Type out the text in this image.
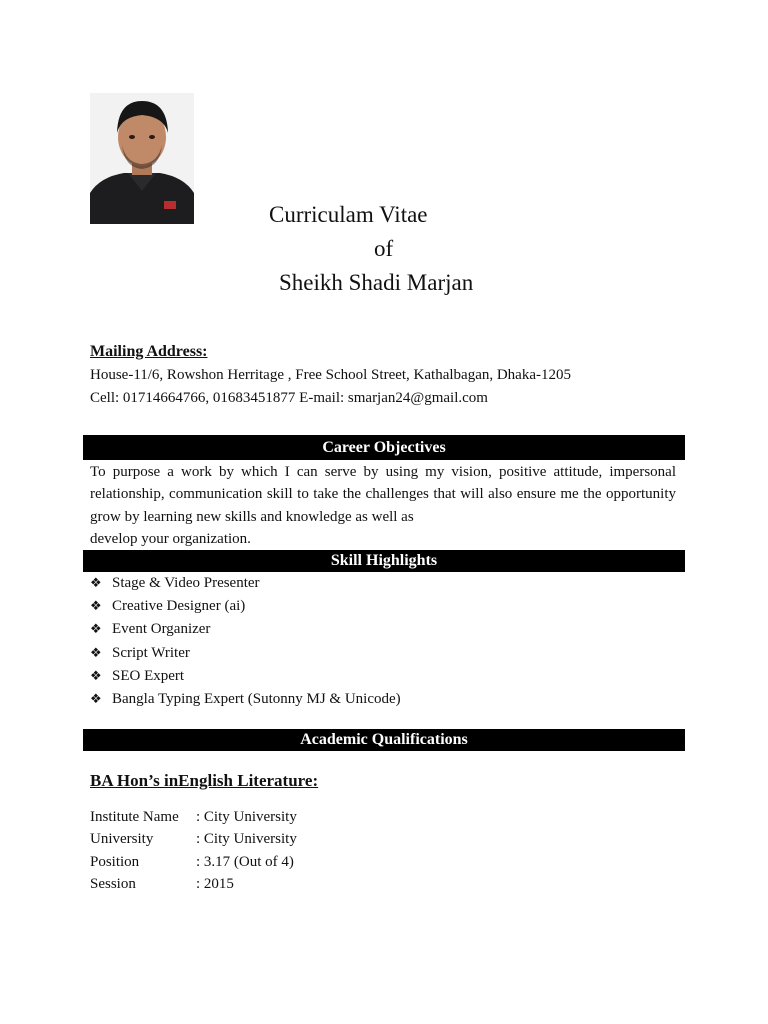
Curriculam Vitae
of
Sheikh Shadi Marjan
Mailing Address:
House-11/6, Rowshon Herritage , Free School Street, Kathalbagan, Dhaka-1205
Cell: 01714664766, 01683451877 E-mail: smarjan24@gmail.com
Career Objectives
To purpose a work by which I can serve by using my vision, positive attitude, impersonal relationship, communication skill to take the challenges that will also ensure me the opportunity grow by learning new skills and knowledge as well as
develop your organization.
Skill Highlights
❖ Stage & Video Presenter
❖ Creative Designer (ai)
❖ Event Organizer
❖ Script Writer
❖ SEO Expert
❖ Bangla Typing Expert (Sutonny MJ & Unicode)
Academic Qualifications
BA Hon’s inEnglish Literature:
Institute Name : City University
University	: City University
Position	: 3.17 (Out of 4)
Session	: 2015
